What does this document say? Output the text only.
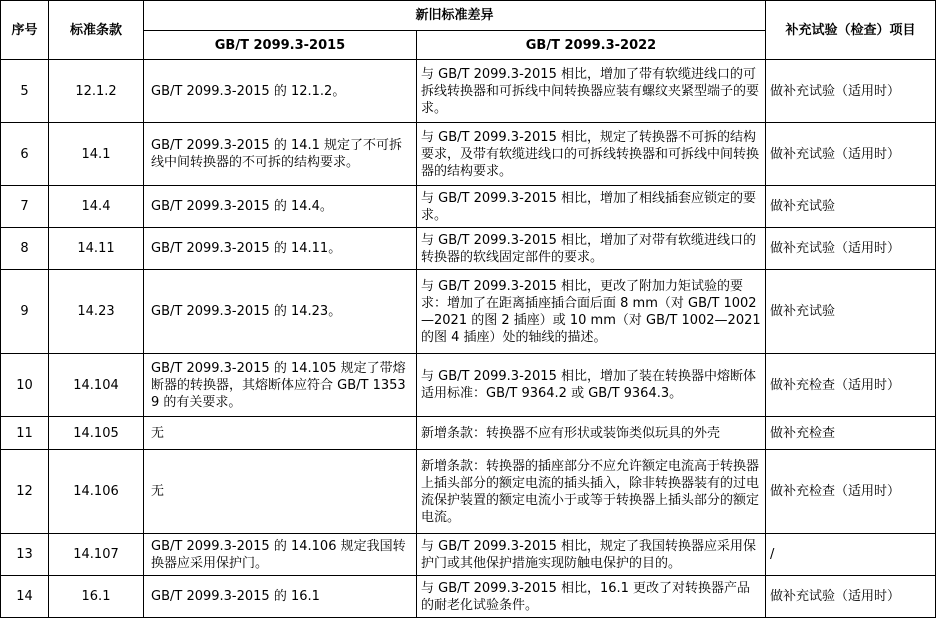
序号	标准条款	新旧标准差异		补充试验（检查）项目
		GB/T 2099.3-2015	GB/T 2099.3-2022	
5	12.1.2	GB/T 2099.3-2015 的 12.1.2。	与 GB/T 2099.3-2015 相比，增加了带有软缆进线口的可拆线转换器和可拆线中间转换器应装有螺纹夹紧型端子的要求。	做补充试验（适用时）
6	14.1	GB/T 2099.3-2015 的 14.1 规定了不可拆线中间转换器的不可拆的结构要求。	与 GB/T 2099.3-2015 相比，规定了转换器不可拆的结构要求，及带有软缆进线口的可拆线转换器和可拆线中间转换器的结构要求。	做补充试验（适用时）
7	14.4	GB/T 2099.3-2015 的 14.4。	与 GB/T 2099.3-2015 相比，增加了相线插套应锁定的要求。	做补充试验
8	14.11	GB/T 2099.3-2015 的 14.11。	与 GB/T 2099.3-2015 相比，增加了对带有软缆进线口的转换器的软线固定部件的要求。	做补充试验（适用时）
9	14.23	GB/T 2099.3-2015 的 14.23。	与 GB/T 2099.3-2015 相比，更改了附加力矩试验的要求：增加了在距离插座插合面后面 8 mm（对 GB/T 1002—2021 的图 2 插座）或 10 mm（对 GB/T 1002—2021 的图 4 插座）处的轴线的描述。	做补充试验
10	14.104	GB/T 2099.3-2015 的 14.105 规定了带熔断器的转换器，其熔断体应符合 GB/T 13539 的有关要求。	与 GB/T 2099.3-2015 相比，增加了装在转换器中熔断体适用标准：GB/T 9364.2 或 GB/T 9364.3。	做补充检查（适用时）
11	14.105	无	新增条款：转换器不应有形状或装饰类似玩具的外壳	做补充检查
12	14.106	无	新增条款：转换器的插座部分不应允许额定电流高于转换器上插头部分的额定电流的插头插入，除非转换器装有的过电流保护装置的额定电流小于或等于转换器上插头部分的额定电流。	做补充检查（适用时）
13	14.107	GB/T 2099.3-2015 的 14.106 规定我国转换器应采用保护门。	与 GB/T 2099.3-2015 相比，规定了我国转换器应采用保护门或其他保护措施实现防触电保护的目的。	/
14	16.1	GB/T 2099.3-2015 的 16.1	与 GB/T 2099.3-2015 相比，16.1 更改了对转换器产品的耐老化试验条件。	做补充试验（适用时）
